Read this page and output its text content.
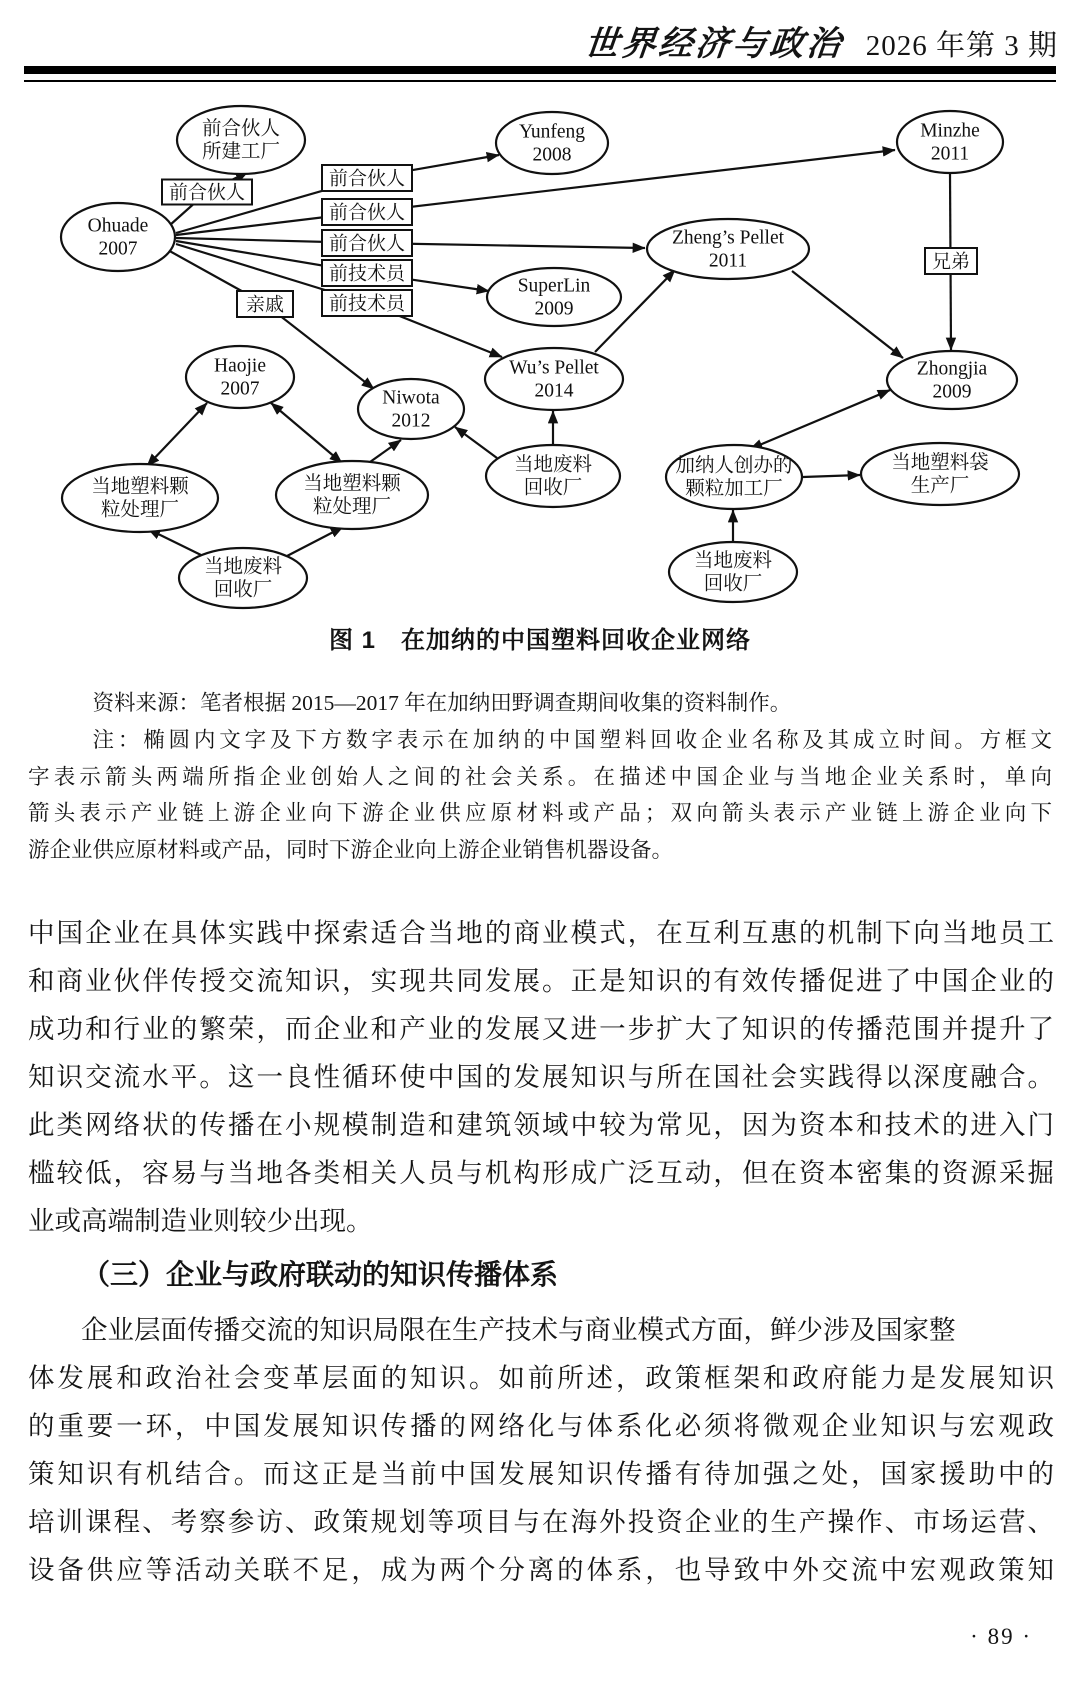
世界经济与政治 2026 年第 3 期
前合伙人
所建工厂
Ohuade
2007
Yunfeng
2008
Minzhe
2011
Zheng’s Pellet
2011
SuperLin
2009
Wu’s Pellet
2014
Haojie
2007	Niwota
2012
当地塑料颗
粒处理厂
当地塑料颗
粒处理厂
当地废料
回收厂
当地废料
回收厂
Zhongjia
2009
加纳人创办的
颗粒加工厂
当地塑料袋
生产厂
当地废料
回收厂
前合伙人
前合伙人
前合伙人
前合伙人
前技术员
前技术员
亲戚
兄弟
图 1　在加纳的中国塑料回收企业网络
资料来源：笔者根据 2015—2017 年在加纳田野调查期间收集的资料制作。
注：椭圆内文字及下方数字表示在加纳的中国塑料回收企业名称及其成立时间。方框文
字表示箭头两端所指企业创始人之间的社会关系。在描述中国企业与当地企业关系时，单向
箭头表示产业链上游企业向下游企业供应原材料或产品；双向箭头表示产业链上游企业向下
游企业供应原材料或产品，同时下游企业向上游企业销售机器设备。
中国企业在具体实践中探索适合当地的商业模式，在互利互惠的机制下向当地员工
和商业伙伴传授交流知识，实现共同发展。正是知识的有效传播促进了中国企业的
成功和行业的繁荣，而企业和产业的发展又进一步扩大了知识的传播范围并提升了
知识交流水平。这一良性循环使中国的发展知识与所在国社会实践得以深度融合。
此类网络状的传播在小规模制造和建筑领域中较为常见，因为资本和技术的进入门
槛较低，容易与当地各类相关人员与机构形成广泛互动，但在资本密集的资源采掘
业或高端制造业则较少出现。
（三）企业与政府联动的知识传播体系
企业层面传播交流的知识局限在生产技术与商业模式方面，鲜少涉及国家整
体发展和政治社会变革层面的知识。如前所述，政策框架和政府能力是发展知识
的重要一环，中国发展知识传播的网络化与体系化必须将微观企业知识与宏观政
策知识有机结合。而这正是当前中国发展知识传播有待加强之处，国家援助中的
培训课程、考察参访、政策规划等项目与在海外投资企业的生产操作、市场运营、
设备供应等活动关联不足，成为两个分离的体系，也导致中外交流中宏观政策知
· 89 ·
